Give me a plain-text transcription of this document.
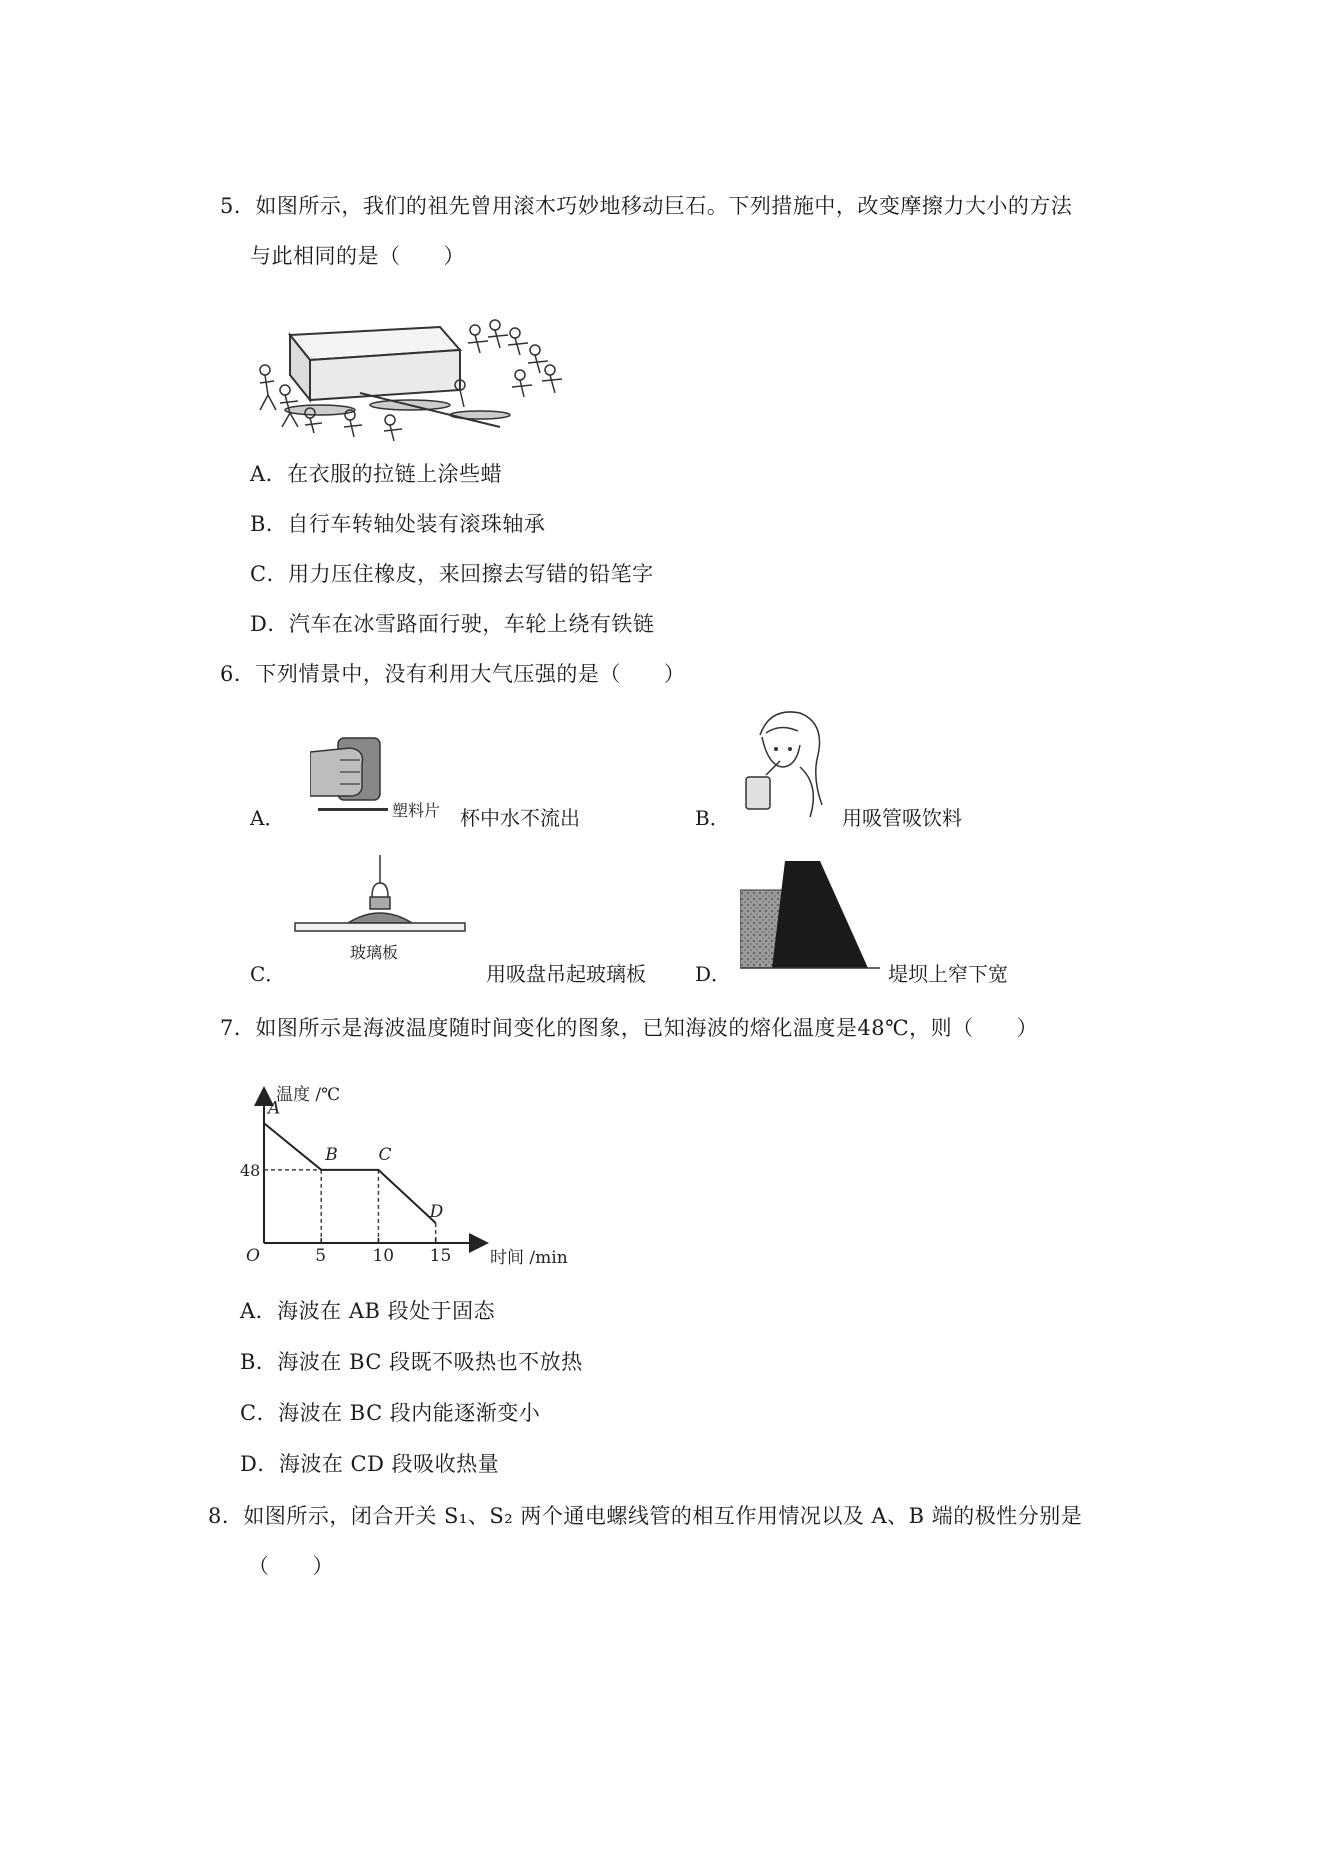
5．如图所示，我们的祖先曾用滚木巧妙地移动巨石。下列措施中，改变摩擦力大小的方法
与此相同的是（　　）
A．在衣服的拉链上涂些蜡
B．自行车转轴处装有滚珠轴承
C．用力压住橡皮，来回擦去写错的铅笔字
D．汽车在冰雪路面行驶，车轮上绕有铁链
6．下列情景中，没有利用大气压强的是（　　）
A．	塑料片 杯中水不流出	B．	用吸管吸饮料
C．
玻璃板
用吸盘吊起玻璃板 D．	堤坝上窄下宽
7．如图所示是海波温度随时间变化的图象，已知海波的熔化温度是48℃，则（　　）
A
B C
D
5	10 15
48
O
温度 /℃
时间 /min
A．海波在 AB 段处于固态
B．海波在 BC 段既不吸热也不放热
C．海波在 BC 段内能逐渐变小
D．海波在 CD 段吸收热量
8．如图所示，闭合开关 S₁、S₂ 两个通电螺线管的相互作用情况以及 A、B 端的极性分别是
（　　）
